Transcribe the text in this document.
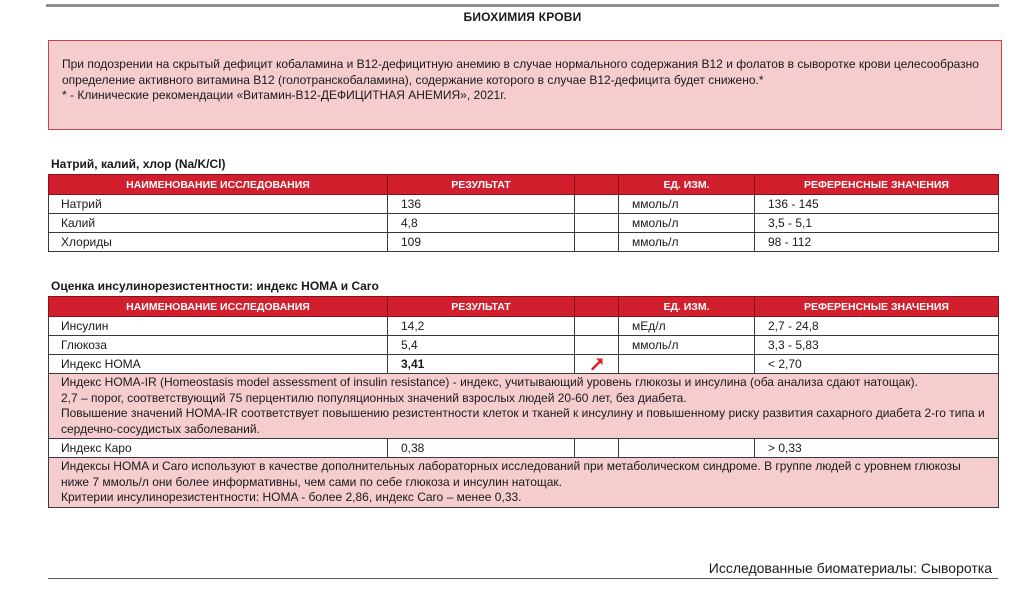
БИОХИМИЯ КРОВИ

При подозрении на скрытый дефицит кобаламина и В12-дефицитную анемию в случае нормального содержания В12 и фолатов в сыворотке крови целесообразно определение активного витамина В12 (голотранскобаламина), содержание которого в случае В12-дефицита будет снижено.*

* - Клинические рекомендации «Витамин-В12-ДЕФИЦИТНАЯ АНЕМИЯ», 2021г.

Натрий, калий, хлор (Na/K/Cl)
НАИМЕНОВАНИЕ ИССЛЕДОВАНИЯ	РЕЗУЛЬТАТ		ЕД. ИЗМ.	РЕФЕРЕНСНЫЕ ЗНАЧЕНИЯ
Натрий	136		ммоль/л	136 - 145
Калий	4,8		ммоль/л	3,5 - 5,1
Хлориды	109		ммоль/л	98 - 112
Оценка инсулинорезистентности: индекс HOMA и Caro
НАИМЕНОВАНИЕ ИССЛЕДОВАНИЯ	РЕЗУЛЬТАТ		ЕД. ИЗМ.	РЕФЕРЕНСНЫЕ ЗНАЧЕНИЯ
Инсулин	14,2		мЕд/л	2,7 - 24,8
Глюкоза	5,4		ммоль/л	3,3 - 5,83
Индекс HOMA	3,41			< 2,70

Индекс HOMA-IR (Homeostasis model assessment of insulin resistance) - индекс, учитывающий уровень глюкозы и инсулина (оба анализа сдают натощак).

2,7 – порог, соответствующий 75 перцентилю популяционных значений взрослых людей 20-60 лет, без диабета.

Повышение значений HOMA-IR соответствует повышению резистентности клеток и тканей к инсулину и повышенному риску развития сахарного диабета 2-го типа и сердечно-сосудистых заболеваний.				

Индекс Каро	0,38			> 0,33

Индексы HOMA и Caro используют в качестве дополнительных лабораторных исследований при метаболическом синдроме. В группе людей с уровнем глюкозы ниже 7 ммоль/л они более информативны, чем сами по себе глюкоза и инсулин натощак.

Критерии инсулинорезистентности: HOMA - более 2,86, индекс Caro – менее 0,33.				

Исследованные биоматериалы: Сыворотка
